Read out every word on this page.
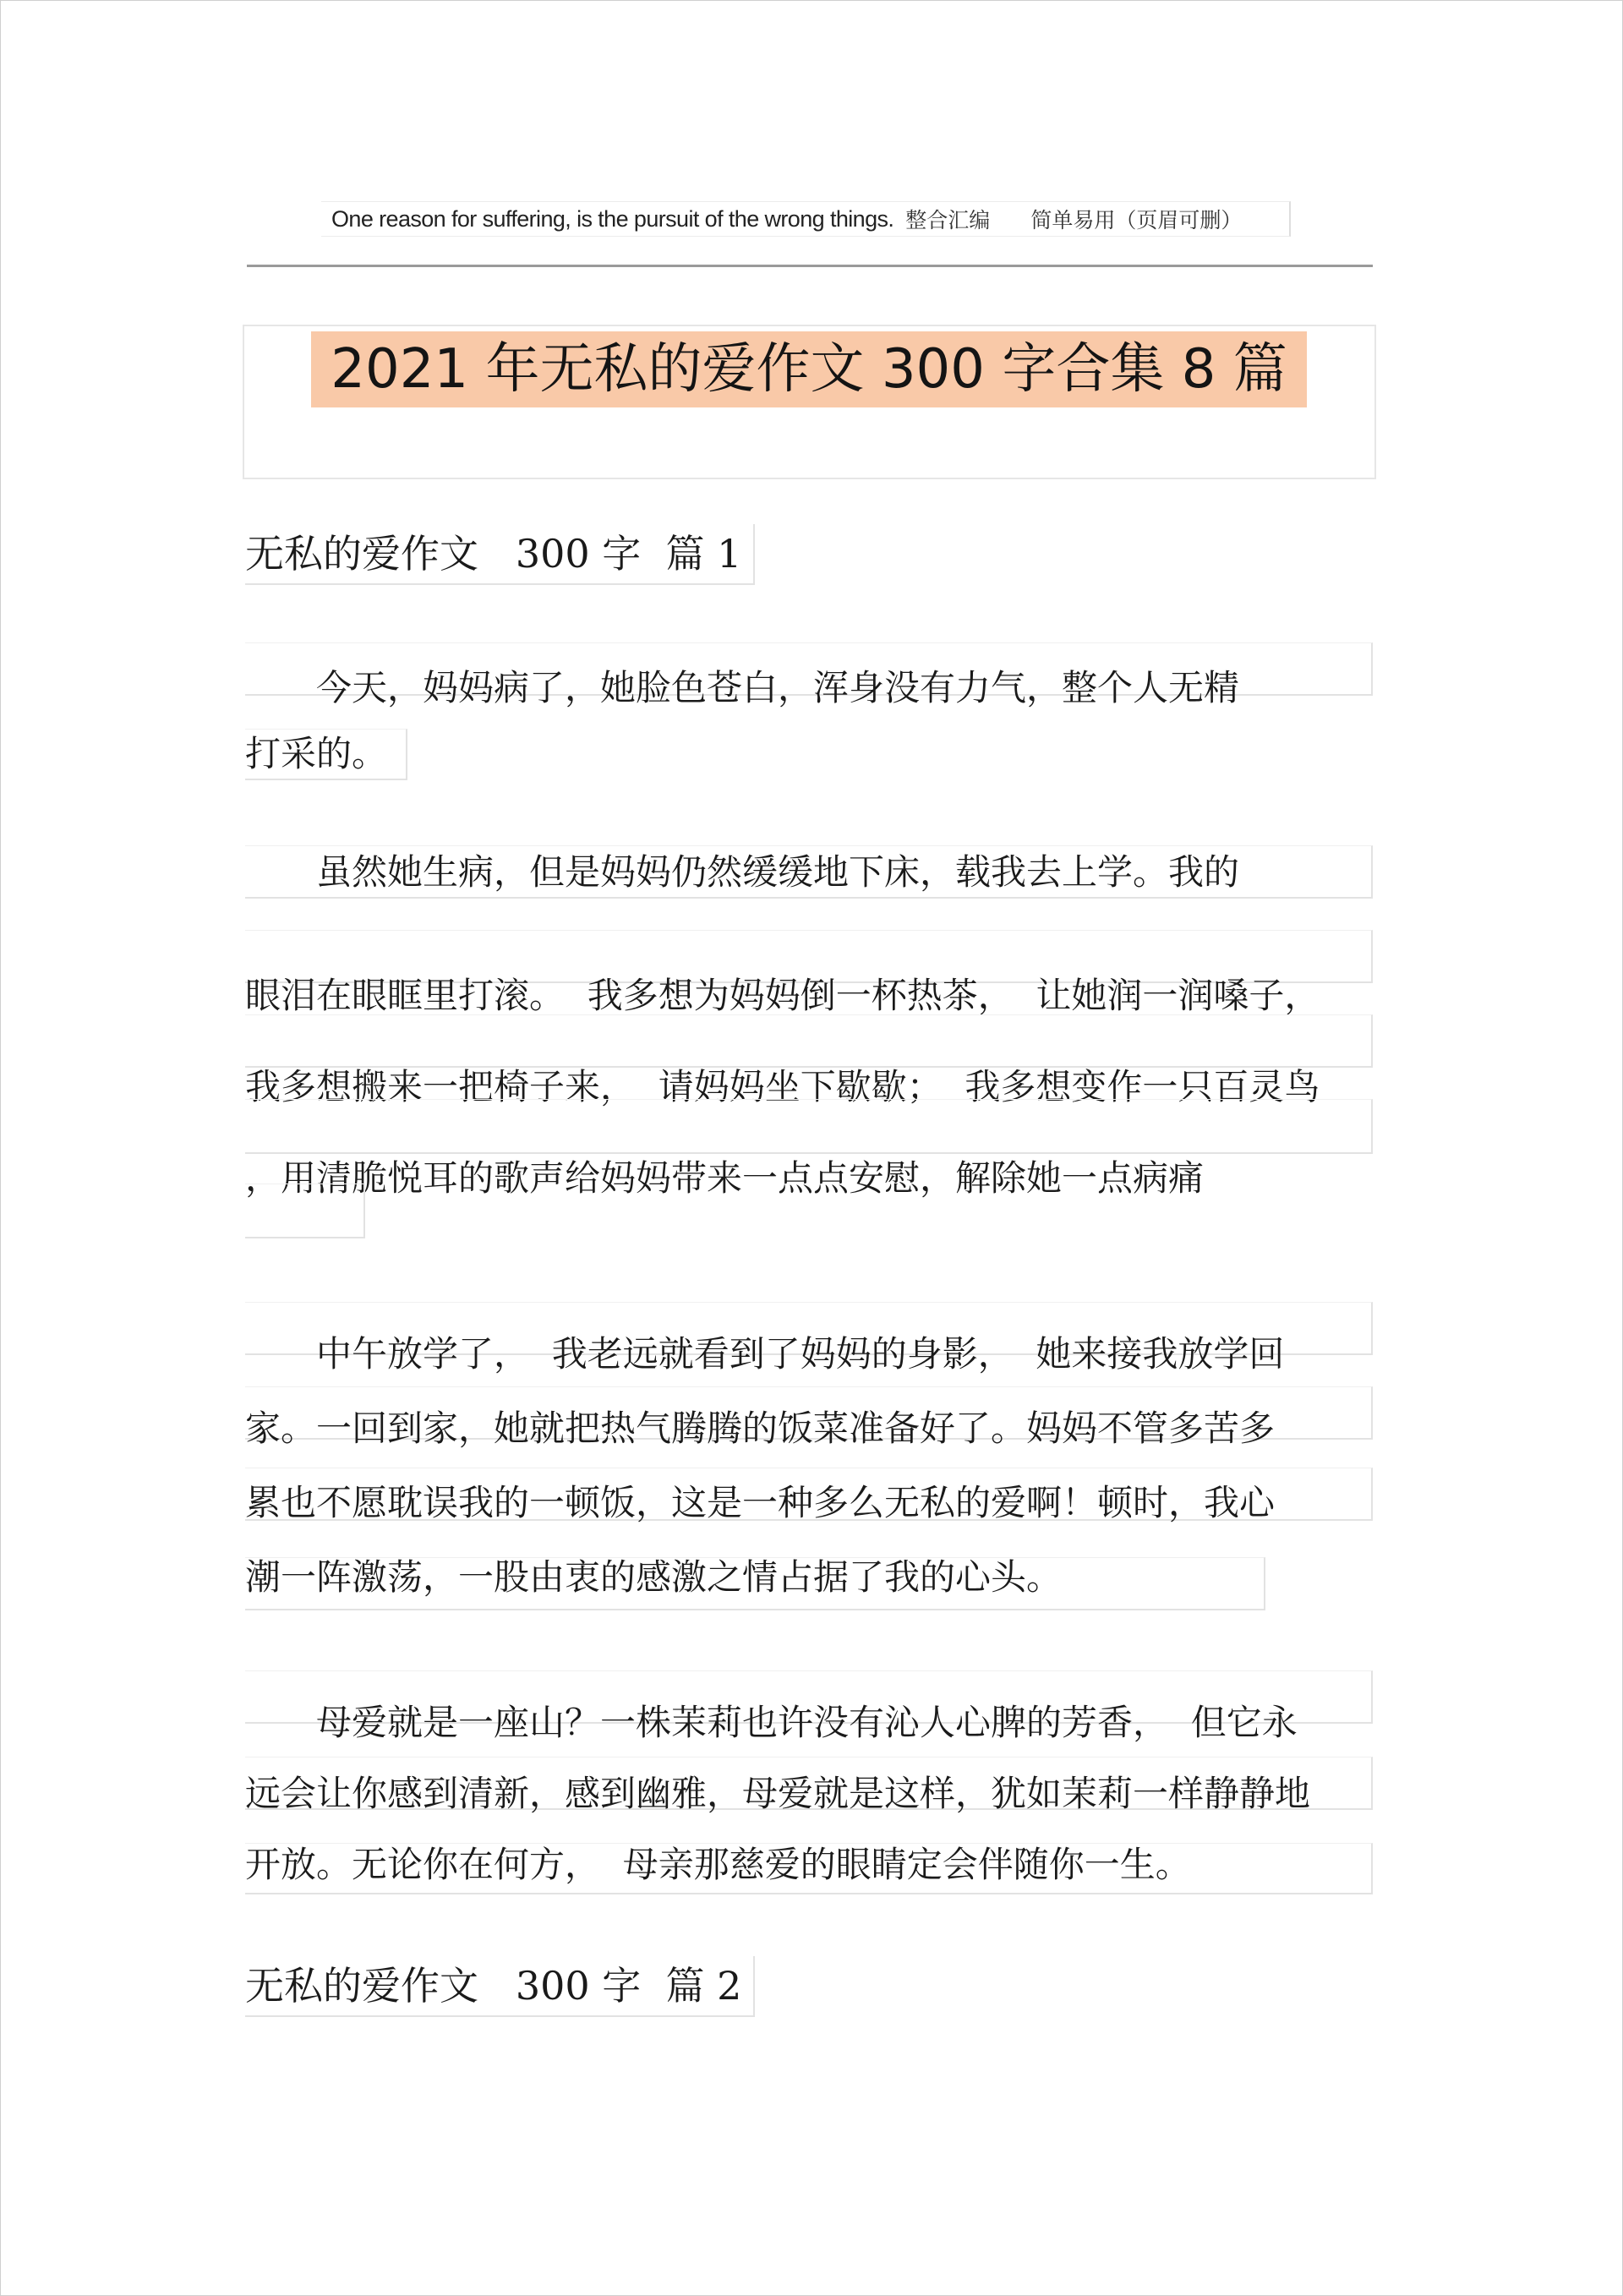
One reason for suffering, is the pursuit of the wrong things. 整合汇编 简单易用（页眉可删）
2021 年无私的爱作文 300 字合集 8 篇
无私的爱作文   300 字  篇 1
　　今天，妈妈病了，她脸色苍白，浑身没有力气，整个人无精
打采的。
　　虽然她生病，但是妈妈仍然缓缓地下床，载我去上学。我的
眼泪在眼眶里打滚。  我多想为妈妈倒一杯热茶，  让她润一润嗓子，
我多想搬来一把椅子来，  请妈妈坐下歇歇；  我多想变作一只百灵鸟
，用清脆悦耳的歌声给妈妈带来一点点安慰，解除她一点病痛
　　中午放学了，  我老远就看到了妈妈的身影，  她来接我放学回
家。一回到家，她就把热气腾腾的饭菜准备好了。妈妈不管多苦多
累也不愿耽误我的一顿饭，这是一种多么无私的爱啊！顿时，我心
潮一阵激荡，一股由衷的感激之情占据了我的心头。
　　母爱就是一座山？一株茉莉也许没有沁人心脾的芳香，  但它永
远会让你感到清新，感到幽雅，母爱就是这样，犹如茉莉一样静静地
开放。无论你在何方，  母亲那慈爱的眼睛定会伴随你一生。
无私的爱作文   300 字  篇 2
